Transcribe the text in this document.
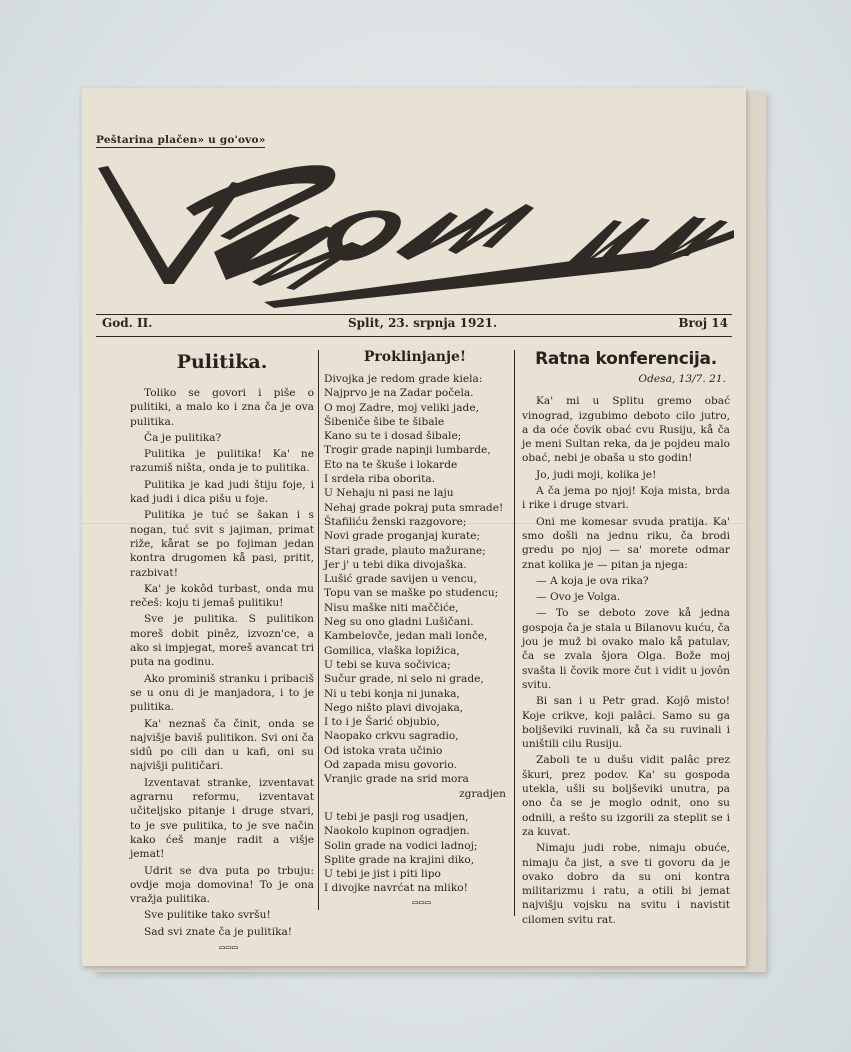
Peštarina plačen» u go'ovo»
God. II.	Split, 23. srpnja 1921.	Broj 14

Pulitika.

Toliko se govori i piše o pulitiki, a malo ko i zna ča je ova pulitika.

Ča je pulitika?

Pulitika je pulitika! Ka' ne razumiš ništa, onda je to pulitika.

Pulitika je kad judi štiju foje, i kad judi i dica pišu u foje.

Pulitika je tuć se šakan i s nogan, tuć svit s jajiman, primat riže, kårat se po fojiman jedan kontra drugomen kå pasi, pritit, razbivat!

Ka' je kokôd turbast, onda mu rečeš: koju ti jemaš pulitiku!

Sve je pulitika. S pulitikon moreš dobit pinêz, izvozn'ce, a ako si impjegat, moreš avancat tri puta na godinu.

Ako prominiš stranku i pribaciš se u onu di je manjadora, i to je pulitika.

Ka' neznaš ča činit, onda se najvišje baviš pulitikon. Svi oni ča sidû po cili dan u kafi, oni su najvišji pulitičari.

Izventavat stranke, izventavat agrarnu reformu, izventavat učiteljsko pitanje i druge stvari, to je sve pulitika, to je sve način kako ćeš manje radit a višje jemat!

Udrit se dva puta po trbuju: ovdje moja domovina! To je ona vražja pulitika.

Sve pulitike tako svršu!

Sad svi znate ča je pulitika!

▭▭▭

Proklinjanje!

Divojka je redom grade kiela:
Najprvo je na Zadar počela.
O moj Zadre, moj veliki jade,
Šibeniče šibe te šibale
Kano su te i dosad šibale;
Trogir grade napinji lumbarde,
Eto na te škuše i lokarde
I srdela riba oborita.
U Nehaju ni pasi ne laju
Nehaj grade pokraj puta smrade!
Štafiliću ženski razgovore;
Novi grade proganjaj kurate;
Stari grade, plauto mažurane;
Jer j' u tebi dika divojaška.
Lušić grade savijen u vencu,
Topu van se maške po studencu;
Nisu maške niti maččiće,
Neg su ono gladni Lušičani.
Kambelovče, jedan mali lonče,
Gomilica, vlaška lopižica,
U tebi se kuva sočivica;
Sučur grade, ni selo ni grade,
Ni u tebi konja ni junaka,
Nego ništo plavi divojaka,
I to i je Šarić objubio,
Naopako crkvu sagradio,
Od istoka vrata učinio
Od zapada misu govorio.
Vranjic grade na srid mora
zgradjen
U tebi je pasji rog usadjen,
Naokolo kupinon ogradjen.
Solin grade na vodici ladnoj;
Splite grade na krajini diko,
U tebi je jist i piti lipo
I divojke navrćat na mliko!

▭▭▭

Ratna konferencija.

Odesa, 13/7. 21.

Ka' mi u Splitu gremo obać vinograd, izgubimo deboto cilo jutro, a da oće čovik obać cvu Rusiju, kå ča je meni Sultan reka, da je pojdeu malo obać, nebi je obaša u sto godin!

Jo, judi moji, kolika je!

A ča jema po njoj! Koja mista, brda i rike i druge stvari.

Oni me komesar svuda pratija. Ka' smo došli na jednu riku, ča brodi gredu po njoj — sa' morete odmar znat kolika je — pitan ja njega:

— A koja je ova rika?

— Ovo je Volga.

— To se deboto zove kå jedna gospoja ča je stala u Bilanovu kuću, ča jou je muž bi ovako malo kå patulav, ča se zvala šjora Olga. Bože moj svašta li čovik more čut i vidit u jovôn svitu.

Bi san i u Petr grad. Kojô misto! Koje crikve, koji palâci. Samo su ga boljševiki ruvinali, kå ča su ruvinali i uništili cilu Rusiju.

Zaboli te u dušu vidit palâc prez škuri, prez podov. Ka' su gospoda utekla, ušli su boljševiki unutra, pa ono ča se je moglo odnit, ono su odnili, a rešto su izgorili za steplit se i za kuvat.

Nimaju judi robe, nimaju obuće, nimaju ča jist, a sve ti govoru da je ovako dobro da su oni kontra militarizmu i ratu, a otili bi jemat najvišju vojsku na svitu i navistit cilomen svitu rat.
